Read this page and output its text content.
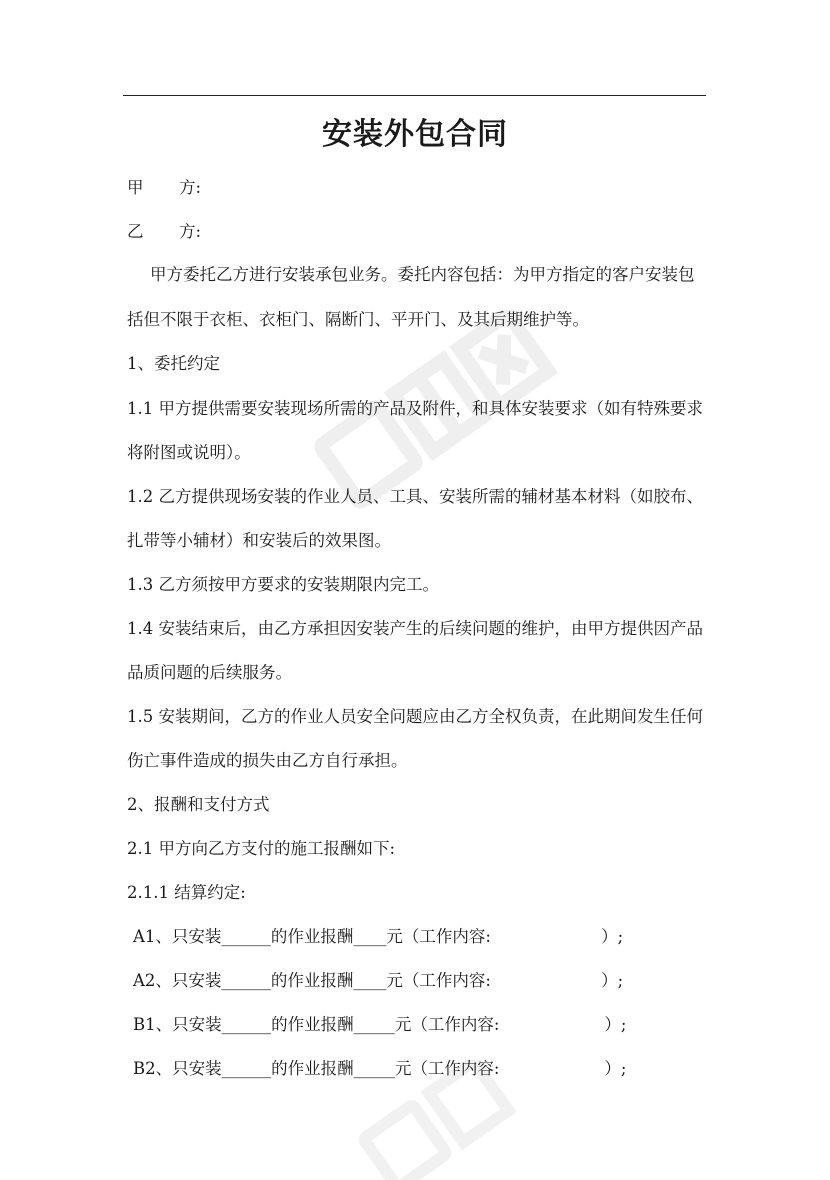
安装外包合同
甲 方:
乙 方:
甲方委托乙方进行安装承包业务。委托内容包括：为甲方指定的客户安装包
括但不限于衣柜、衣柜门、隔断门、平开门、及其后期维护等。
1、委托约定
1.1 甲方提供需要安装现场所需的产品及附件，和具体安装要求（如有特殊要求
将附图或说明）。
1.2 乙方提供现场安装的作业人员、工具、安装所需的辅材基本材料（如胶布、
扎带等小辅材）和安装后的效果图。
1.3 乙方须按甲方要求的安装期限内完工。
1.4 安装结束后，由乙方承担因安装产生的后续问题的维护，由甲方提供因产品
品质问题的后续服务。
1.5 安装期间，乙方的作业人员安全问题应由乙方全权负责，在此期间发生任何
伤亡事件造成的损失由乙方自行承担。
2、报酬和支付方式
2.1 甲方向乙方支付的施工报酬如下:
2.1.1 结算约定:
A1、只安装______的作业报酬____元（工作内容:                     ）;
A2、只安装______的作业报酬____元（工作内容:                     ）;
B1、只安装______的作业报酬_____元（工作内容:                    ）;
B2、只安装______的作业报酬_____元（工作内容:                    ）;
